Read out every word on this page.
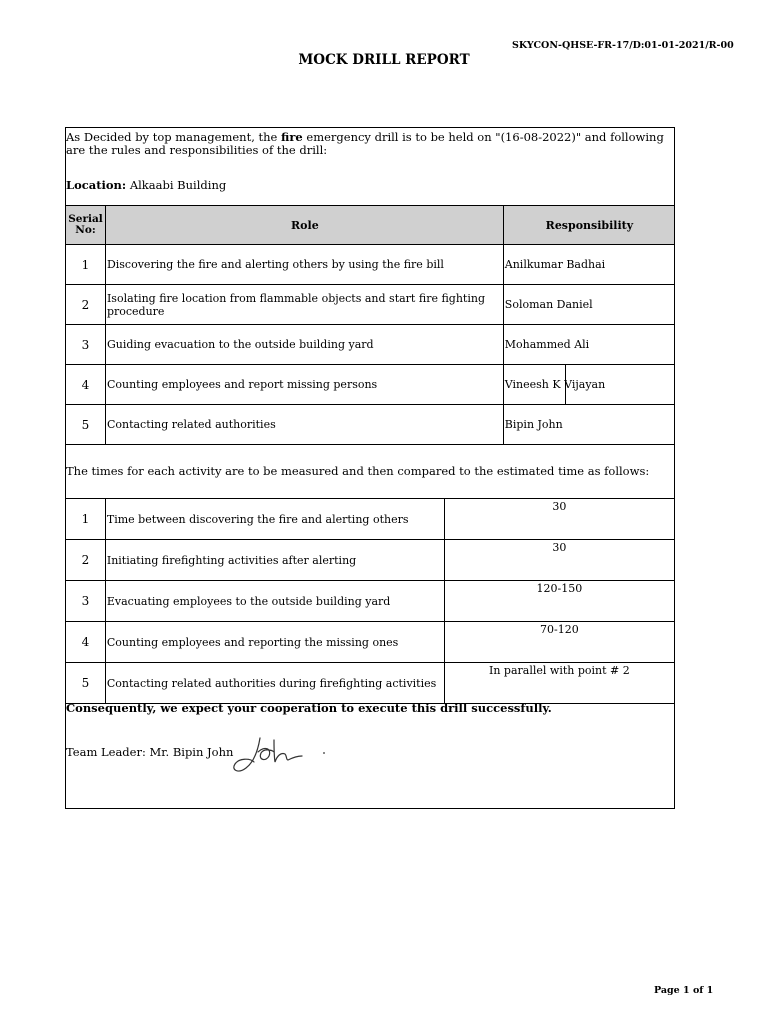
SKYCON-QHSE-FR-17/D:01-01-2021/R-00
MOCK DRILL REPORT
As Decided by top management, the fire emergency drill is to be held on "(16-08-2022)" and following are the rules and responsibilities of the drill:
Location: Alkaabi Building
Serial No:	Role	Responsibility
1	Discovering the fire and alerting others by using the fire bill	Anilkumar Badhai
2	Isolating fire location from flammable objects and start fire fighting procedure	Soloman Daniel
3	Guiding evacuation to the outside building yard	Mohammed Ali
4	Counting employees and report missing persons	Vineesh K Vijayan

5	Contacting related authorities	Bipin John
The times for each activity are to be measured and then compared to the estimated time as follows:
1	Time between discovering the fire and alerting others	30
2	Initiating firefighting activities after alerting	30
3	Evacuating employees to the outside building yard	120-150
4	Counting employees and reporting the missing ones	70-120
5	Contacting related authorities during firefighting activities	In parallel with point # 2
Consequently, we expect your cooperation to execute this drill successfully.
Team Leader: Mr. Bipin John
Page 1 of 1
